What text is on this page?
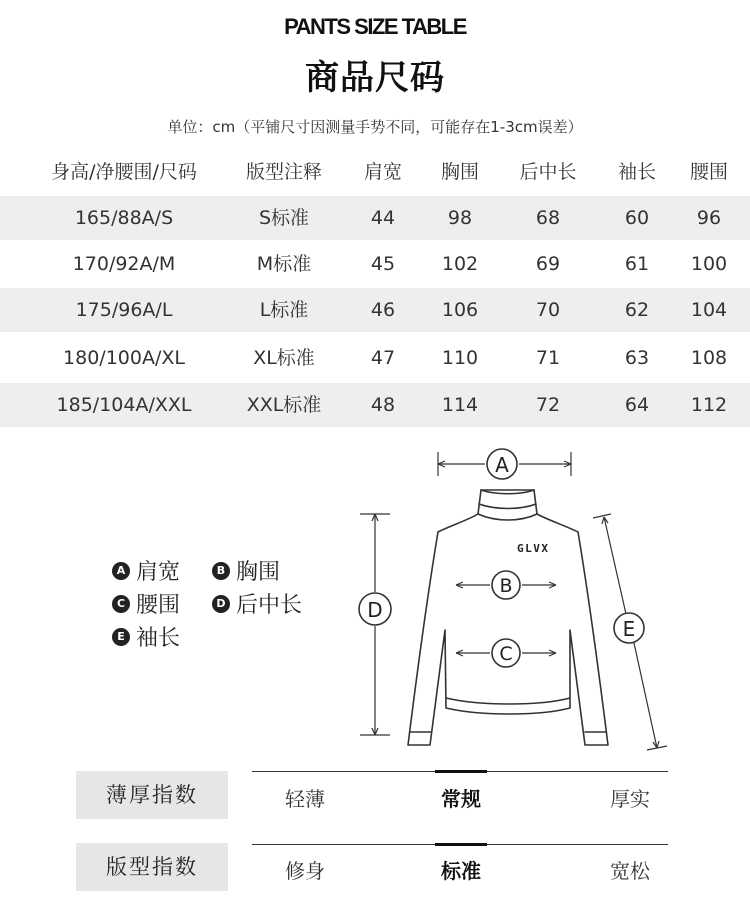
PANTS SIZE TABLE
商品尺码
单位：cm（平铺尺寸因测量手势不同，可能存在1-3cm误差）
身高/净腰围/尺码	版型注释 肩宽 胸围 后中长 袖长 腰围
165/88A/S	S标准	44	98	68	60	96
170/92A/M	M标准	45 102	69	61 100
175/96A/L	L标准	46 106	70	62 104
180/100A/XL	XL标准	47 110	71	63 108
185/104A/XXL	XXL标准	48 114	72	64 112
A
B
C
D
E
GLVX
A 肩宽	B 胸围
C 腰围	D 后中长
E 袖长
薄厚指数	轻薄	常规	厚实
版型指数	修身	标准	宽松
